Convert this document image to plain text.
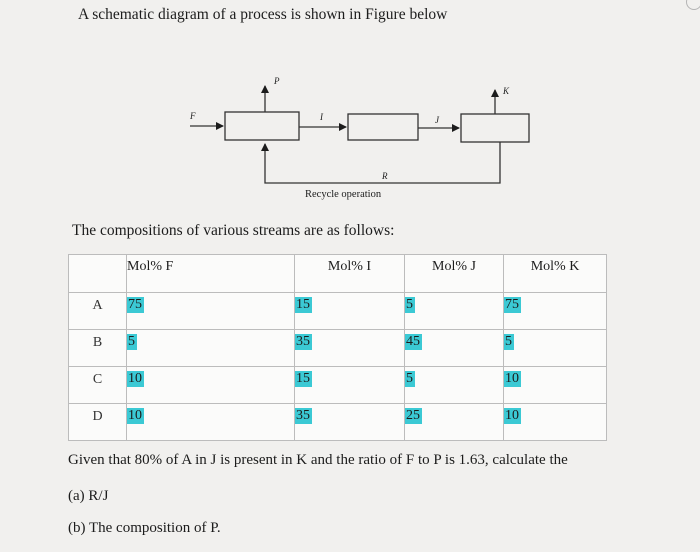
A schematic diagram of a process is shown in Figure below
F
P
I	J
K
R
Recycle operation
The compositions of various streams are as follows:
	Mol% F	Mol% I	Mol% J	Mol% K
A	75	15	5	75
B	5	35	45	5
C	10	15	5	10
D	10	35	25	10
Given that 80% of A in J is present in K and the ratio of F to P is 1.63, calculate the
(a) R/J
(b) The composition of P.
